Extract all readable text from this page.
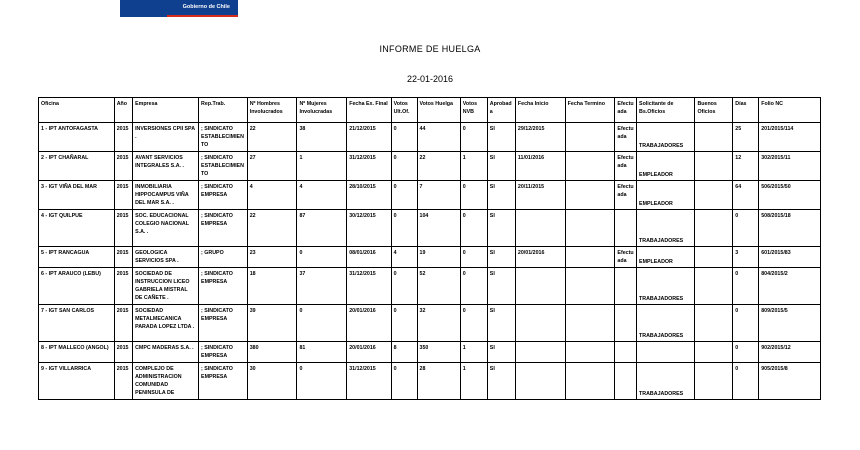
Gobierno de Chile
INFORME DE HUELGA
22-01-2016
Oficina	Año	Empresa	Rep.Trab.	Nº Hombres Involucrados	Nº Mujeres Involucradas	Fecha Ex. Final	Votos Ult.Of.	Votos Huelga	Votos NVB	Aprobada	Fecha Inicio	Fecha Termino	Efectuada	Solicitante de Bs.Oficios	Buenos Oficios	Días	Folio NC
1 - IPT ANTOFAGASTA	2015	INVERSIONES CPII SPA .	; SINDICATO ESTABLECIMIENTO	22	38	21/12/2015	0	44	0	SI	29/12/2015		Efectuada	TRABAJADORES		25	201/2015/114
2 - IPT CHAÑARAL	2015	AVANT SERVICIOS INTEGRALES S.A. .	; SINDICATO ESTABLECIMIENTO	27	1	31/12/2015	0	22	1	SI	11/01/2016		Efectuada	EMPLEADOR		12	302/2015/11
3 - IGT VIÑA DEL MAR	2015	INMOBILIARIA HIPPOCAMPUS VIÑA DEL MAR S.A. .	; SINDICATO EMPRESA	4	4	28/10/2015	0	7	0	SI	20/11/2015		Efectuada	EMPLEADOR		64	506/2015/50
4 - IGT QUILPUE	2015	SOC. EDUCACIONAL COLEGIO NACIONAL S.A. .	; SINDICATO EMPRESA	22	87	30/12/2015	0	104	0	SI				TRABAJADORES		0	508/2015/18
5 - IPT RANCAGUA	2015	GEOLOGICA SERVICIOS SPA .	; GRUPO	23	0	08/01/2016	4	19	0	SI	20/01/2016		Efectuada	EMPLEADOR		3	601/2015/83
6 - IPT ARAUCO (LEBU)	2015	SOCIEDAD DE INSTRUCCION LICEO GABRIELA MISTRAL DE CAÑETE .	; SINDICATO EMPRESA	18	37	31/12/2015	0	52	0	SI				TRABAJADORES		0	804/2015/2
7 - IGT SAN CARLOS	2015	SOCIEDAD METALMECANICA PARADA LOPEZ LTDA .	; SINDICATO EMPRESA	39	0	20/01/2016	0	32	0	SI				TRABAJADORES		0	809/2015/5
8 - IPT MALLECO (ANGOL)	2015	CMPC MADERAS S.A. .	; SINDICATO EMPRESA	380	81	20/01/2016	8	350	1	SI						0	902/2015/12
9 - IGT VILLARRICA	2015	COMPLEJO DE ADMINISTRACION COMUNIDAD PENINSULA DE	; SINDICATO EMPRESA	30	0	31/12/2015	0	28	1	SI				TRABAJADORES		0	905/2015/8
